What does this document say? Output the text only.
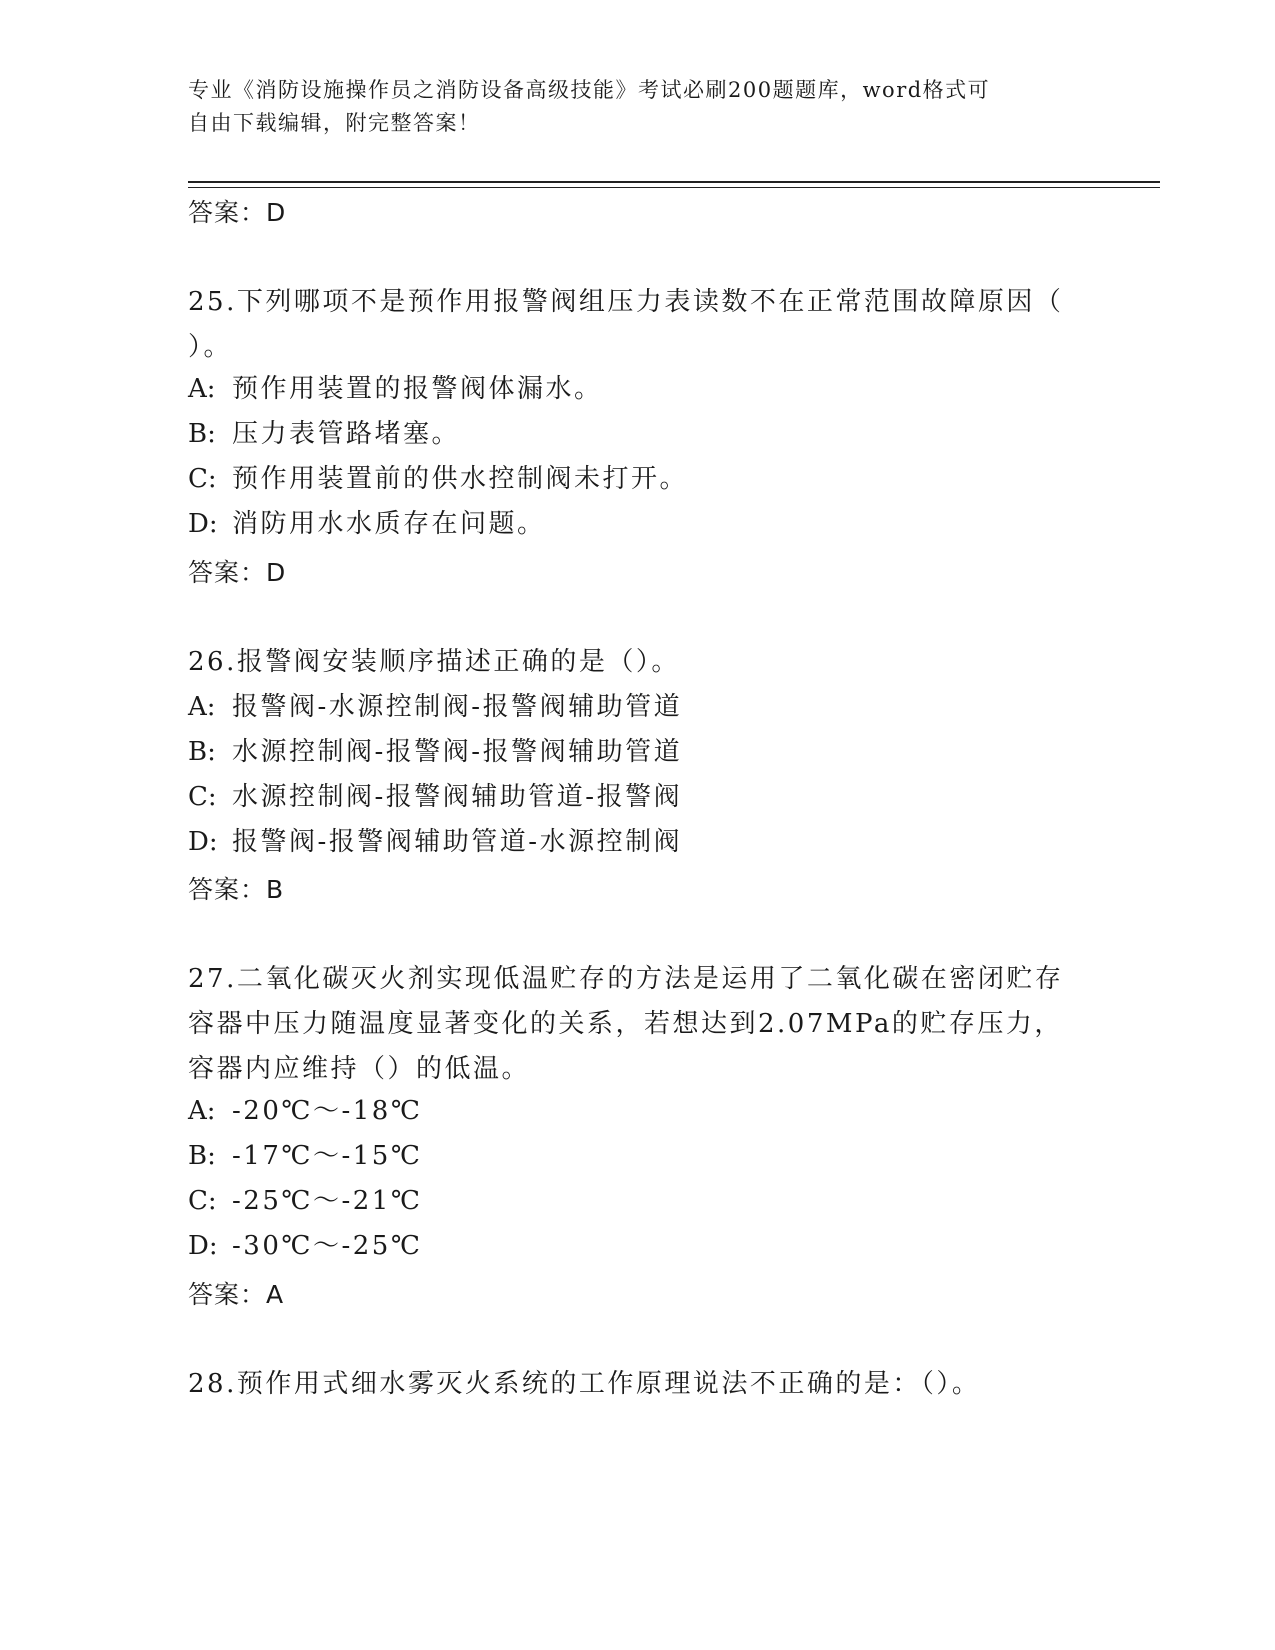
专业《消防设施操作员之消防设备高级技能》考试必刷200题题库，word格式可
自由下载编辑，附完整答案！
答案：D
25.下列哪项不是预作用报警阀组压力表读数不在正常范围故障原因（
）。
A: 预作用装置的报警阀体漏水。
B: 压力表管路堵塞。
C: 预作用装置前的供水控制阀未打开。
D: 消防用水水质存在问题。
答案：D
26.报警阀安装顺序描述正确的是（）。
A: 报警阀-水源控制阀-报警阀辅助管道
B: 水源控制阀-报警阀-报警阀辅助管道
C: 水源控制阀-报警阀辅助管道-报警阀
D: 报警阀-报警阀辅助管道-水源控制阀
答案：B
27.二氧化碳灭火剂实现低温贮存的方法是运用了二氧化碳在密闭贮存
容器中压力随温度显著变化的关系，若想达到2.07MPa的贮存压力，
容器内应维持（）的低温。
A: -20℃～-18℃
B: -17℃～-15℃
C: -25℃～-21℃
D: -30℃～-25℃
答案：A
28.预作用式细水雾灭火系统的工作原理说法不正确的是：（）。
